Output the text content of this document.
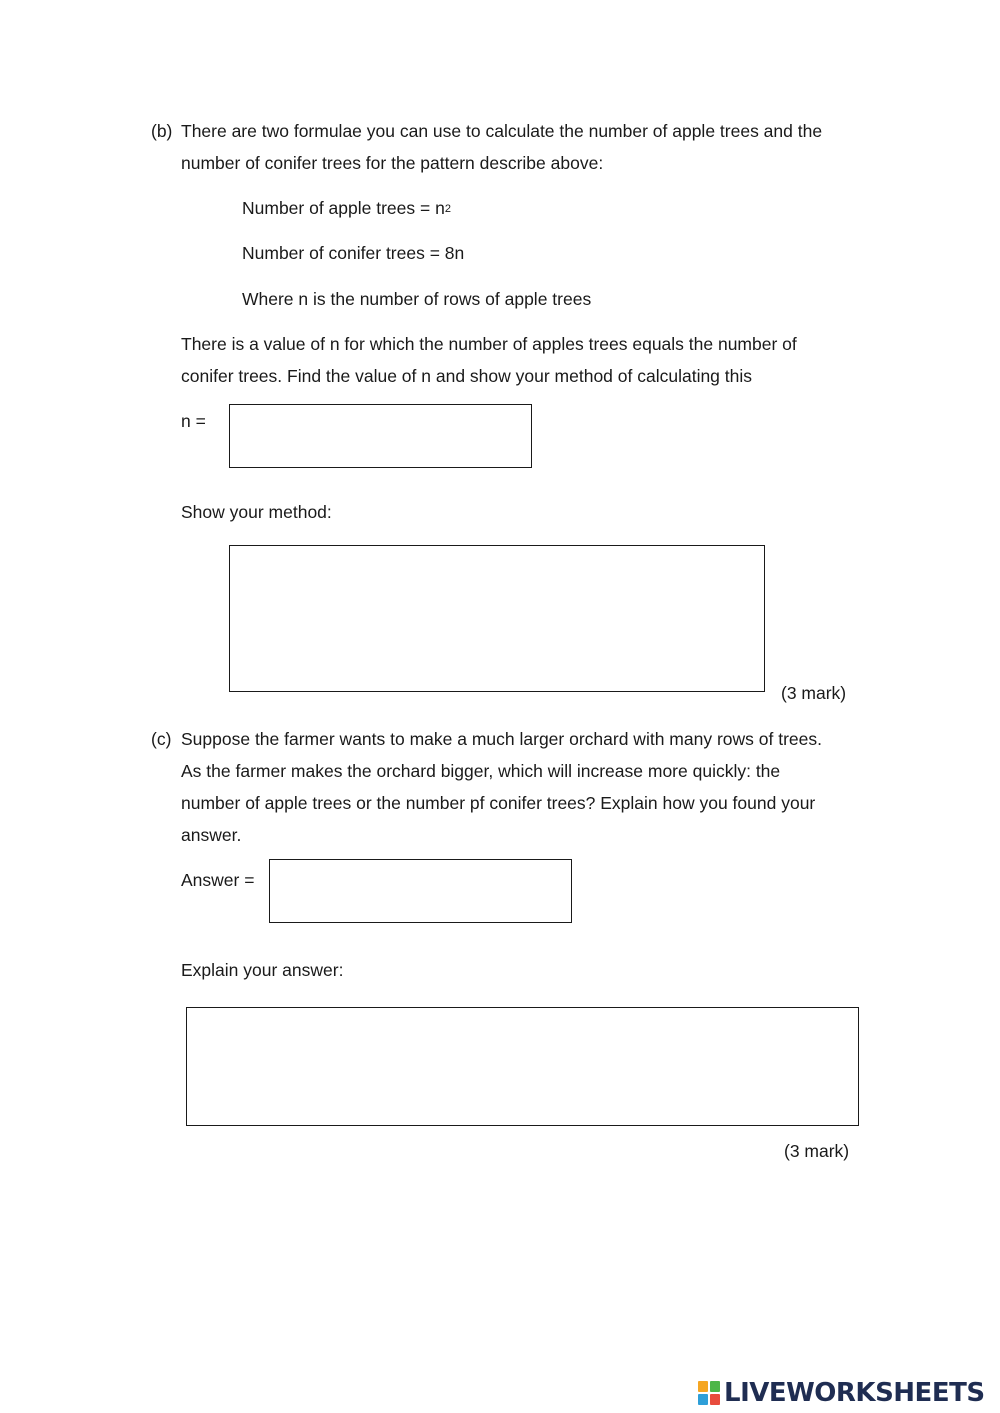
(b) There are two formulae you can use to calculate the number of apple trees and the
number of conifer trees for the pattern describe above:
Number of apple trees = $n^2$
Number of conifer trees = 8n
Where n is the number of rows of apple trees
There is a value of n for which the number of apples trees equals the number of
conifer trees. Find the value of n and show your method of calculating this
n =
Show your method:
(3 mark)
(c) Suppose the farmer wants to make a much larger orchard with many rows of trees.
As the farmer makes the orchard bigger, which will increase more quickly: the
number of apple trees or the number pf conifer trees? Explain how you found your
answer.
Answer =
Explain your answer:
(3 mark)
LIVEWORKSHEETS
